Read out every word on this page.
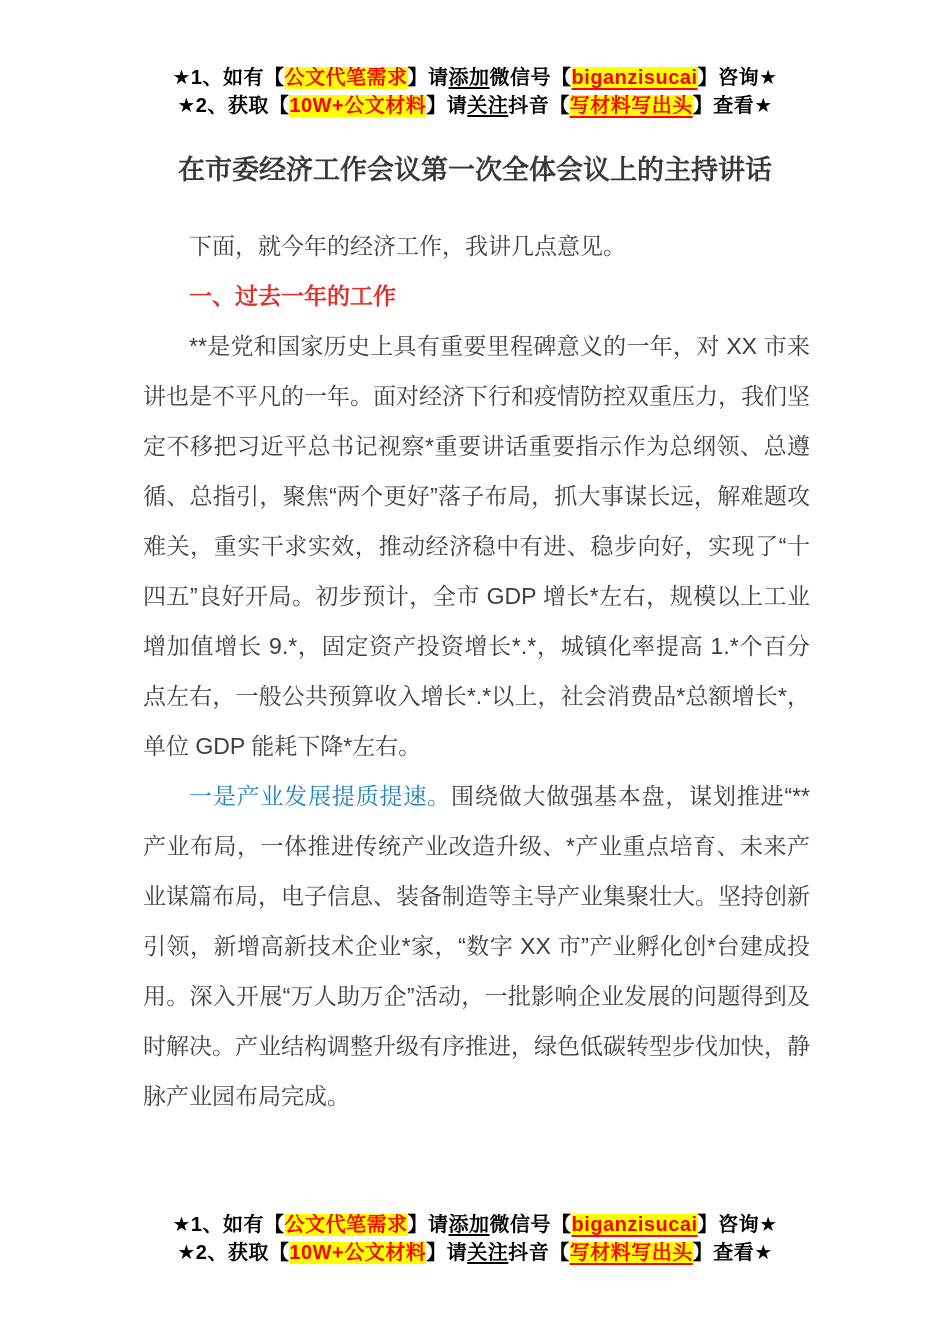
★1、如有【公文代笔需求】请添加微信号【biganzisucai】咨询★
★2、获取【10W+公文材料】请关注抖音【写材料写出头】查看★
在市委经济工作会议第一次全体会议上的主持讲话

下面，就今年的经济工作，我讲几点意见。

一、过去一年的工作

**是党和国家历史上具有重要里程碑意义的一年，对 XX 市来讲也是不平凡的一年。面对经济下行和疫情防控双重压力，我们坚定不移把习近平总书记视察*重要讲话重要指示作为总纲领、总遵循、总指引，聚焦“两个更好”落子布局，抓大事谋长远，解难题攻难关，重实干求实效，推动经济稳中有进、稳步向好，实现了“十四五”良好开局。初步预计，全市 GDP 增长*左右，规模以上工业增加值增长 9.*，固定资产投资增长*.*，城镇化率提高 1.*个百分点左右，一般公共预算收入增长*.*以上，社会消费品*总额增长*，单位 GDP 能耗下降*左右。

一是产业发展提质提速。围绕做大做强基本盘，谋划推进“**产业布局，一体推进传统产业改造升级、*产业重点培育、未来产业谋篇布局，电子信息、装备制造等主导产业集聚壮大。坚持创新引领，新增高新技术企业*家，“数字 XX 市”产业孵化创*台建成投用。深入开展“万人助万企”活动，一批影响企业发展的问题得到及时解决。产业结构调整升级有序推进，绿色低碳转型步伐加快，静脉产业园布局完成。

★1、如有【公文代笔需求】请添加微信号【biganzisucai】咨询★
★2、获取【10W+公文材料】请关注抖音【写材料写出头】查看★
